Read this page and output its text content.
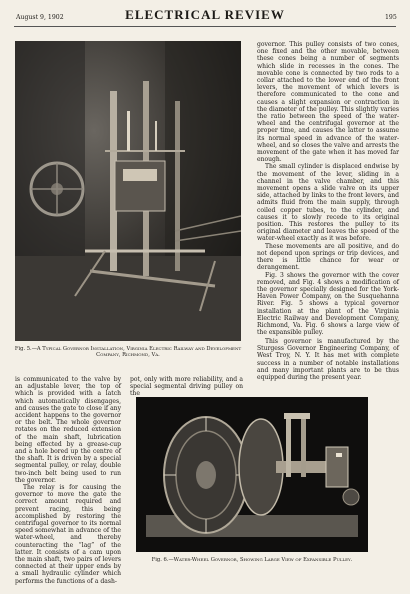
August 9, 1902	ELECTRICAL REVIEW	195
Fig. 5.—A Typical Governor Installation, Virginia Electric Railway and Development Company, Richmond, Va.

governor. This pulley consists of two cones, one fixed and the other movable, between these cones being a number of segments which slide in recesses in the cones. The movable cone is connected by two rods to a collar attached to the lower end of the front levers, the movement of which levers is therefore communicated to the cone and causes a slight expansion or contraction in the diameter of the pulley. This slightly varies the ratio between the speed of the water-wheel and the centrifugal governor at the proper time, and causes the latter to assume its normal speed in advance of the water-wheel, and so closes the valve and arrests the movement of the gate when it has moved far enough.

The small cylinder is displaced endwise by the movement of the lever, sliding in a channel in the valve chamber, and this movement opens a slide valve on its upper side, attached by links to the front levers, and admits fluid from the main supply, through coiled copper tubes, to the cylinder, and causes it to slowly recede to its original position. This restores the pulley to its original diameter and leaves the speed of the water-wheel exactly as it was before.

These movements are all positive, and do not depend upon springs or trip devices, and there is little chance for wear or derangement.

Fig. 3 shows the governor with the cover removed, and Fig. 4 shows a modification of the governor specially designed for the York-Haven Power Company, on the Susquehanna River. Fig. 5 shows a typical governor installation at the plant of the Virginia Electric Railway and Development Company, Richmond, Va. Fig. 6 shows a large view of the expansible pulley.

is communicated to the valve by an adjustable lever, the top of which is provided with a latch which automatically disengages, and causes the gate to close if any accident happens to the governor or the belt. The whole governor rotates on the reduced extension of the main shaft, lubrication being effected by a grease-cup and a hole bored up the centre of the shaft. It is driven by a special segmental pulley, or relay, double two-inch belt being used to run the governor.

The relay is for causing the governor to move the gate the correct amount required and prevent racing, this being accomplished by restoring the centrifugal governor to its normal speed somewhat in advance of the water-wheel, and thereby counteracting the “lag” of the latter. It consists of a cam upon the main shaft, two pairs of levers connected at their upper ends by a small hydraulic cylinder which performs the functions of a dash-

pot, only with more reliability, and a special segmental driving pulley on the

This governor is manufactured by the Sturgess Governor Engineering Company, of West Troy, N. Y. It has met with complete success in a number of notable installations and many important plants are to be thus equipped during the present year.

Fig. 6.—Water-Wheel Governor, Showing Large View of Expansible Pulley.
